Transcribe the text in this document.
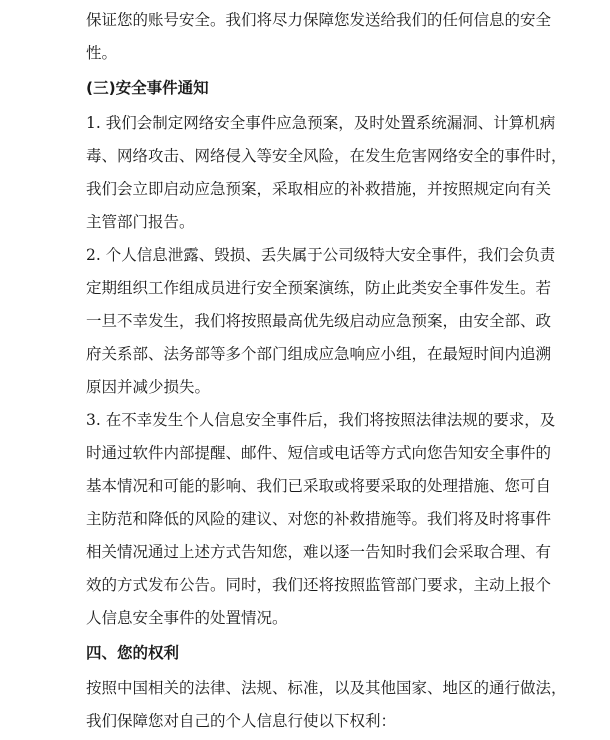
保证您的账号安全。我们将尽力保障您发送给我们的任何信息的安全
性。
(三)安全事件通知
1. 我们会制定网络安全事件应急预案，及时处置系统漏洞、计算机病
毒、网络攻击、网络侵入等安全风险，在发生危害网络安全的事件时，
我们会立即启动应急预案，采取相应的补救措施，并按照规定向有关
主管部门报告。
2. 个人信息泄露、毁损、丢失属于公司级特大安全事件，我们会负责
定期组织工作组成员进行安全预案演练，防止此类安全事件发生。若
一旦不幸发生，我们将按照最高优先级启动应急预案，由安全部、政
府关系部、法务部等多个部门组成应急响应小组，在最短时间内追溯
原因并减少损失。
3. 在不幸发生个人信息安全事件后，我们将按照法律法规的要求，及
时通过软件内部提醒、邮件、短信或电话等方式向您告知安全事件的
基本情况和可能的影响、我们已采取或将要采取的处理措施、您可自
主防范和降低的风险的建议、对您的补救措施等。我们将及时将事件
相关情况通过上述方式告知您，难以逐一告知时我们会采取合理、有
效的方式发布公告。同时，我们还将按照监管部门要求，主动上报个
人信息安全事件的处置情况。
四、您的权利
按照中国相关的法律、法规、标准，以及其他国家、地区的通行做法，
我们保障您对自己的个人信息行使以下权利：
